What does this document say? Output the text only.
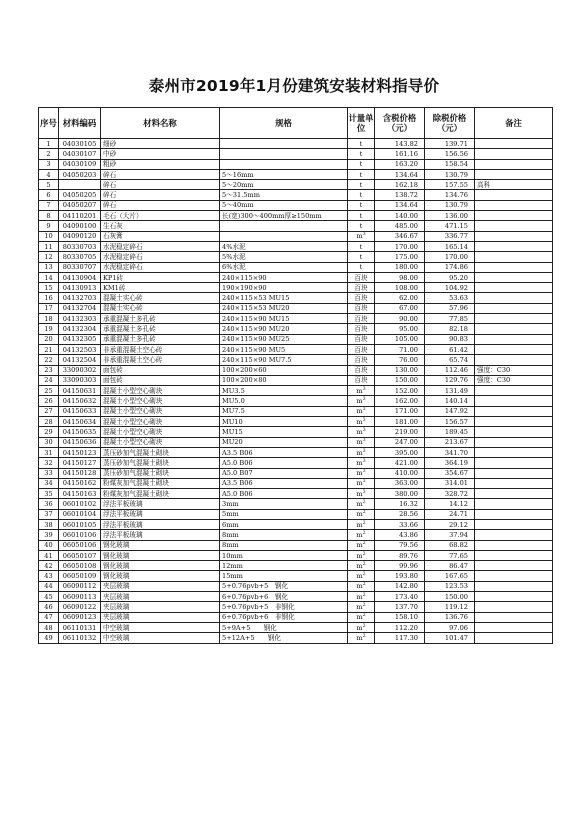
泰州市2019年1月份建筑安装材料指导价
序号	材料编码	材料名称	规格	计量单位	含税价格（元）	除税价格（元）	备注
1	04030105	细砂		t	143.82	139.71	
2	04030107	中砂		t	161.16	156.56	
3	04030109	粗砂		t	163.20	158.54	
4	04050203	碎石	5～16mm	t	134.64	130.79	
5		碎石	5～20mm	t	162.18	157.55	高科
6	04050205	碎石	5～31.5mm	t	138.72	134.76	
7	04050207	碎石	5～40mm	t	134.64	130.79	
8	04110201	毛石（大片）	长(宽)300～400mm厚≥150mm	t	140.00	136.00	
9	04090100	生石灰		t	485.00	471.15	
10	04090120	石灰膏		$m^3$	346.67	336.77	
11	80330703	水泥稳定碎石	4%水泥	t	170.00	165.14	
12	80330705	水泥稳定碎石	5%水泥	t	175.00	170.00	
13	80330707	水泥稳定碎石	6%水泥	t	180.00	174.86	
14	04130904	KP1砖	240×115×90	百块	98.00	95.20	
15	04130913	KM1砖	190×190×90	百块	108.00	104.92	
16	04132703	混凝土实心砖	240×115×53 MU15	百块	62.00	53.63	
17	04132704	混凝土实心砖	240×115×53 MU20	百块	67.00	57.96	
18	04132303	承重混凝土多孔砖	240×115×90 MU15	百块	90.00	77.85	
19	04132304	承重混凝土多孔砖	240×115×90 MU20	百块	95.00	82.18	
20	04132305	承重混凝土多孔砖	240×115×90 MU25	百块	105.00	90.83	
21	04132503	非承重混凝土空心砖	240×115×90 MU5	百块	71.00	61.42	
22	04132504	非承重混凝土空心砖	240×115×90 MU7.5	百块	76.00	65.74	
23	33090302	面包砖	100×200×60	百块	130.00	112.46	强度：C30
24	33090303	面包砖	100×200×80	百块	150.00	129.76	强度：C30
25	04150631	混凝土小型空心砌块	MU3.5	$m^3$	152.00	131.49	
26	04150632	混凝土小型空心砌块	MU5.0	$m^3$	162.00	140.14	
27	04150633	混凝土小型空心砌块	MU7.5	$m^3$	171.00	147.92	
28	04150634	混凝土小型空心砌块	MU10	$m^3$	181.00	156.57	
29	04150635	混凝土小型空心砌块	MU15	$m^3$	219.00	189.45	
30	04150636	混凝土小型空心砌块	MU20	$m^3$	247.00	213.67	
31	04150123	蒸压砂加气混凝土砌块	A3.5 B06	$m^3$	395.00	341.70	
32	04150127	蒸压砂加气混凝土砌块	A5.0 B06	$m^3$	421.00	364.19	
33	04150128	蒸压砂加气混凝土砌块	A5.0 B07	$m^3$	410.00	354.67	
34	04150162	粉煤灰加气混凝土砌块	A3.5 B06	$m^3$	363.00	314.01	
35	04150163	粉煤灰加气混凝土砌块	A5.0 B06	$m^3$	380.00	328.72	
36	06010102	浮法平板玻璃	3mm	$m^2$	16.32	14.12	
37	06010104	浮法平板玻璃	5mm	$m^2$	28.56	24.71	
38	06010105	浮法平板玻璃	6mm	$m^2$	33.66	29.12	
39	06010106	浮法平板玻璃	8mm	$m^2$	43.86	37.94	
40	06050106	钢化玻璃	8mm	$m^2$	79.56	68.82	
41	06050107	钢化玻璃	10mm	$m^2$	89.76	77.65	
42	06050108	钢化玻璃	12mm	$m^2$	99.96	86.47	
43	06050109	钢化玻璃	15mm	$m^2$	193.80	167.65	
44	06090112	夹层玻璃	5+0.76pvb+5　钢化	$m^2$	142.80	123.53	
45	06090113	夹层玻璃	6+0.76pvb+6　钢化	$m^2$	173.40	150.00	
46	06090122	夹层玻璃	5+0.76pvb+5　非钢化	$m^2$	137.70	119.12	
47	06090123	夹层玻璃	6+0.76pvb+6　非钢化	$m^2$	158.10	136.76	
48	06110131	中空玻璃	5+9A+5　　钢化	$m^2$	112.20	97.06	
49	06110132	中空玻璃	5+12A+5　　钢化	$m^2$	117.30	101.47	
